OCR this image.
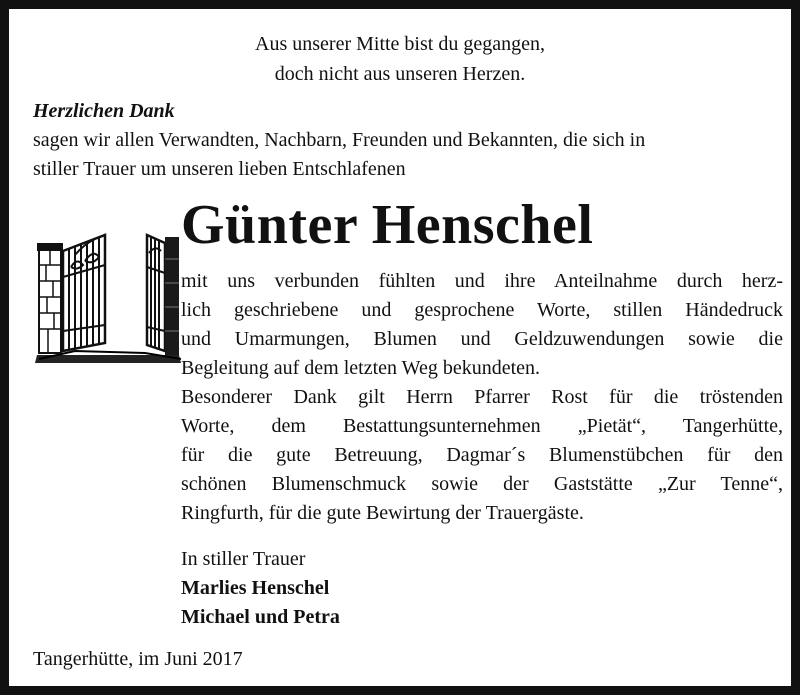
Aus unserer Mitte bist du gegangen,
doch nicht aus unseren Herzen.
Herzlichen Dank
sagen wir allen Verwandten, Nachbarn, Freunden und Bekannten, die sich in
stiller Trauer um unseren lieben Entschlafenen
Günter Henschel
mit uns verbunden fühlten und ihre Anteilnahme durch herz-
lich geschriebene und gesprochene Worte, stillen Händedruck
und Umarmungen, Blumen und Geldzuwendungen sowie die
Begleitung auf dem letzten Weg bekundeten.
Besonderer Dank gilt Herrn Pfarrer Rost für die tröstenden
Worte, dem Bestattungsunternehmen „Pietät“, Tangerhütte,
für die gute Betreuung, Dagmar´s Blumenstübchen für den
schönen Blumenschmuck sowie der Gaststätte „Zur Tenne“,
Ringfurth, für die gute Bewirtung der Trauergäste.
In stiller Trauer
Marlies Henschel
Michael und Petra
Tangerhütte, im Juni 2017
